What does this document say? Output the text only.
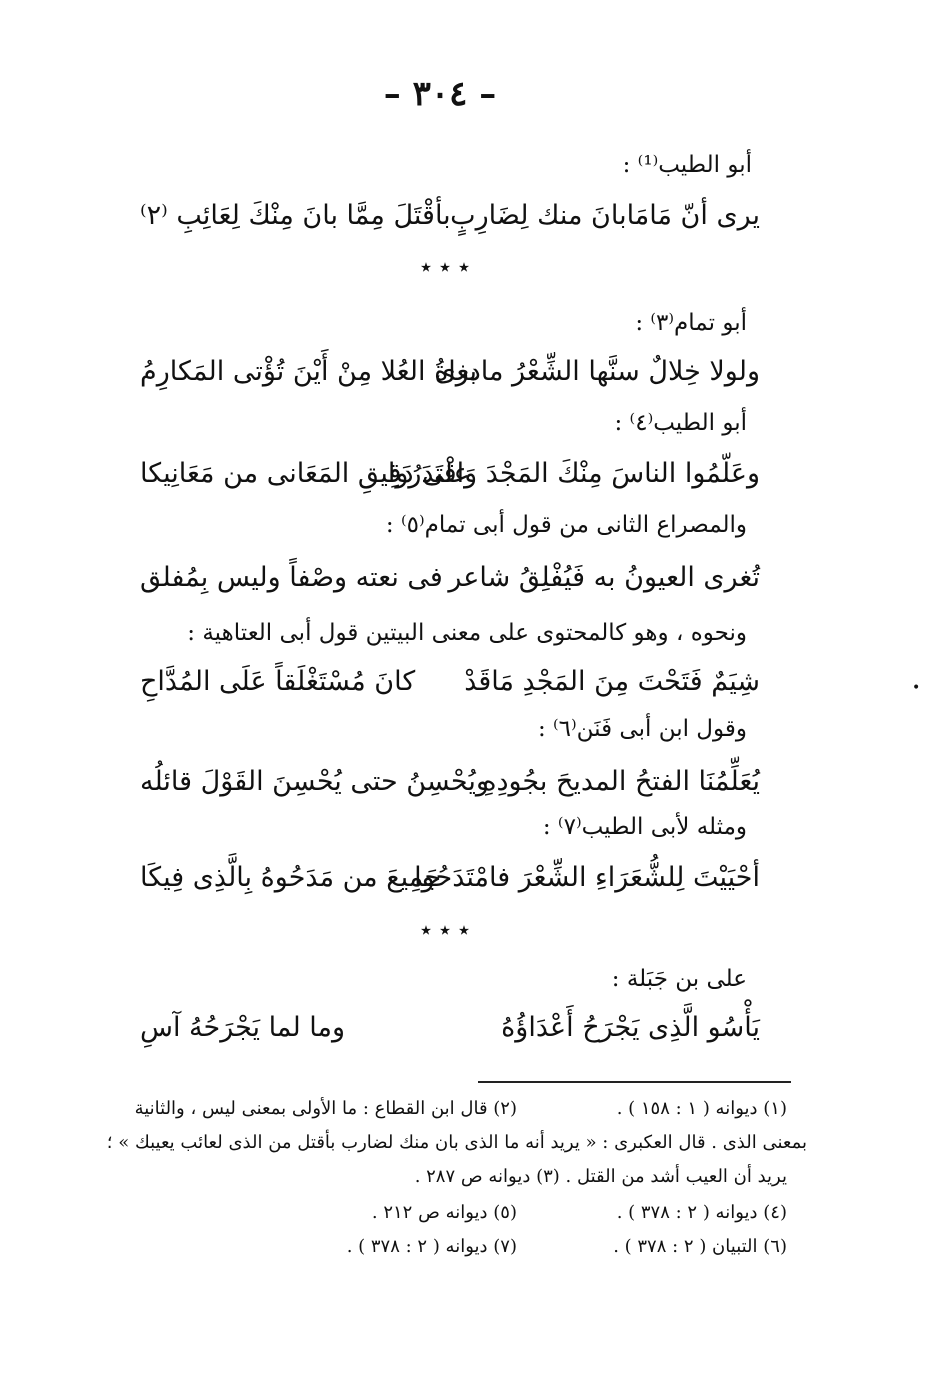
– ٣٠٤ –
أبو الطيب⁽¹⁾ :
يرى أنّ مَامَابانَ منك لِضَارِبٍ
بأقْتَلَ مِمَّا بانَ مِنْكَ لِعَائِبِ ⁽٢⁾
٭ ٭ ٭
أبو تمام⁽٣⁾ :
ولولا خِلالٌ سنَّها الشِّعْرُ مادرى
بغاةُ العُلا مِنْ أَيْنَ تُؤْتى المَكارِمُ
أبو الطيب⁽٤⁾ :
وعَلّمُوا الناسَ مِنْكَ المَجْدَ وَاقْتَدَرُوا
على دَقِيقِ المَعَانى من مَعَانِيكا
والمصراع الثانى من قول أبى تمام⁽٥⁾ :
تُغرى العيونُ به فَيُفْلِقُ شاعر
فى نعته وصْفاً وليس بِمُفلق
ونحوه ، وهو كالمحتوى على معنى البيتين قول أبى العتاهية :
شِيَمٌ فَتَحْتَ مِنَ المَجْدِ مَاقَدْ
كانَ مُسْتَغْلَقاً عَلَى المُدَّاحِ
وقول ابن أبى فَنَن⁽٦⁾ :
يُعَلِّمُنَا الفتحُ المديحَ بجُودِهِ
ويُحْسِنُ حتى يُحْسِنَ القَوْلَ قائلُه
ومثله لأبى الطيب⁽٧⁾ :
أحْيَيْتَ لِلشُّعَرَاءِ الشِّعْرَ فامْتَدَحُوا
جَمِيعَ من مَدَحُوهُ بِالَّذِى فِيكَا
٭ ٭ ٭
على بن جَبَلة :
يَأْسُو الَّذِى يَجْرَحُ أَعْدَاؤُهُ
وما لما يَجْرَحُهُ آسِ
(١) ديوانه ( ١ : ١٥٨ ) .
(٢) قال ابن القطاع : ما الأولى بمعنى ليس ، والثانية
بمعنى الذى . قال العكبرى : « يريد أنه ما الذى بان منك لضارب بأقتل من الذى لعائب يعيبك » ؛
يريد أن العيب أشد من القتل . (٣) ديوانه ص ٢٨٧ .
(٤) ديوانه ( ٢ : ٣٧٨ ) .
(٥) ديوانه ص ٢١٢ .
(٦) التبيان ( ٢ : ٣٧٨ ) .
(٧) ديوانه ( ٢ : ٣٧٨ ) .
•
